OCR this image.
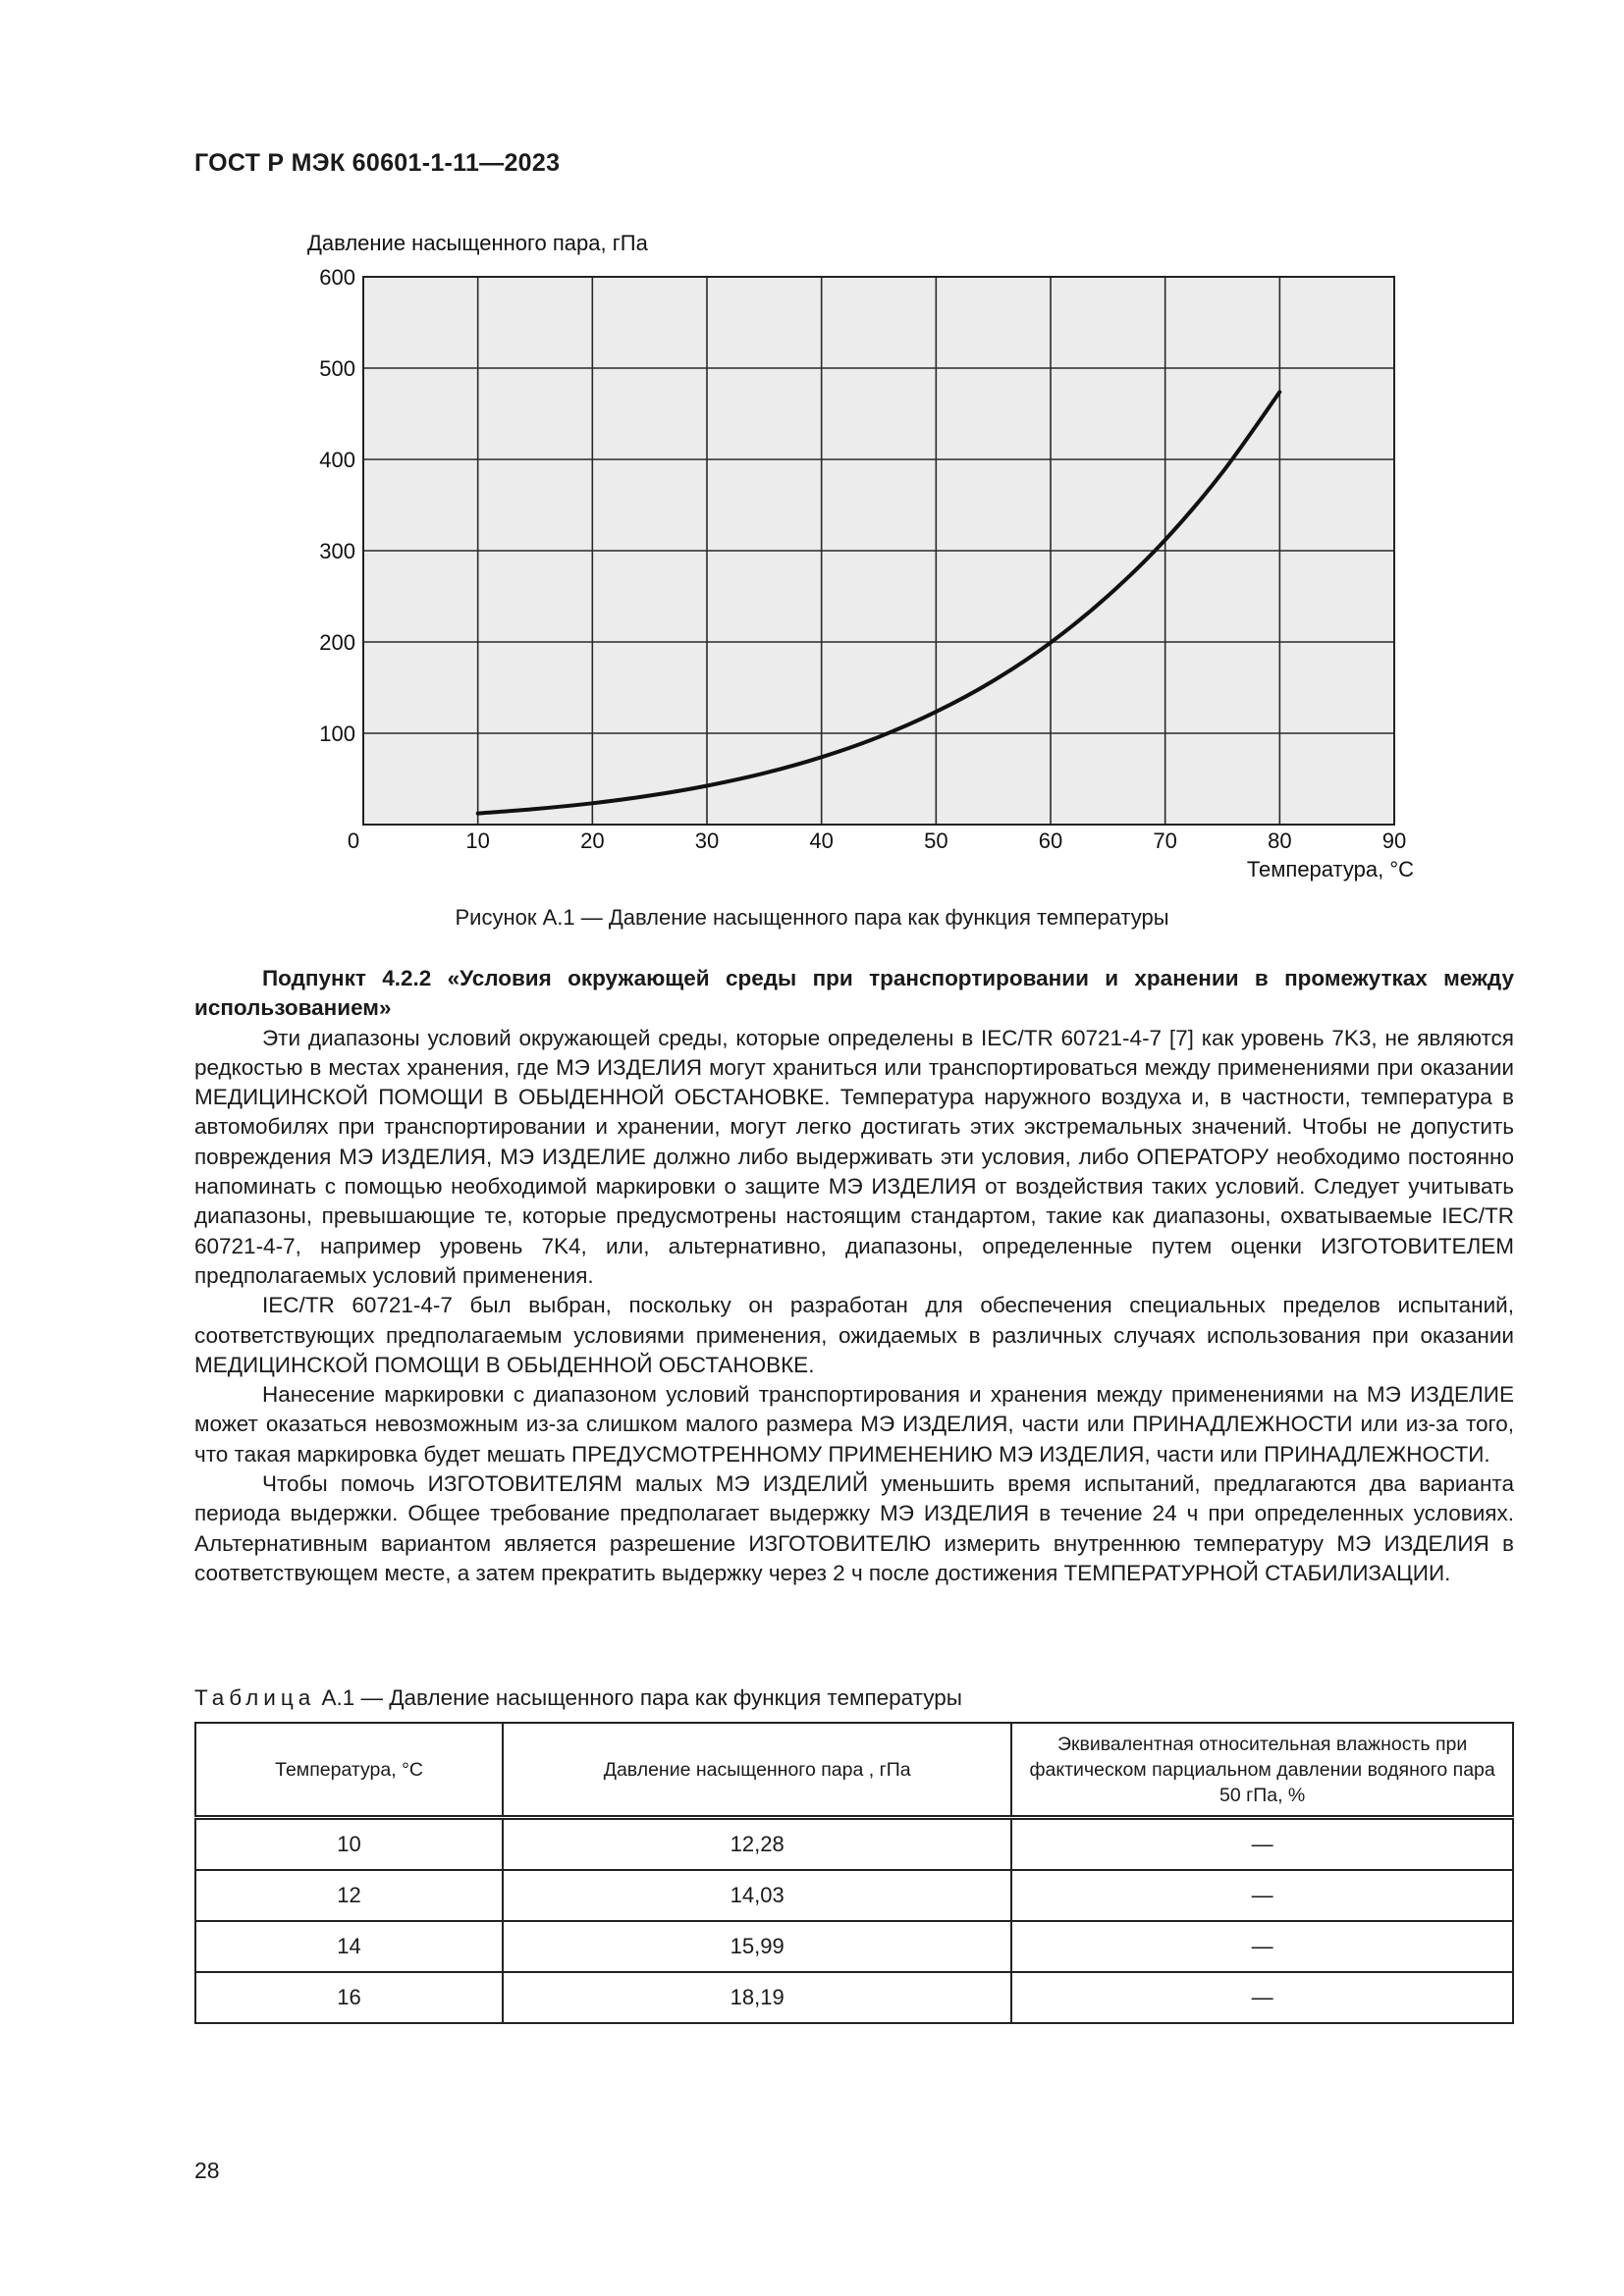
ГОСТ Р МЭК 60601-1-11—2023
Давление насыщенного пара, гПа
0	10	20	30	40	50	60	70	80	90
100
200
300
400
500
600
Температура, °С
Рисунок А.1 — Давление насыщенного пара как функция температуры

Подпункт 4.2.2 «Условия окружающей среды при транспортировании и хранении в промежутках между использованием»

Эти диапазоны условий окружающей среды, которые определены в IEC/TR 60721-4-7 [7] как уровень 7K3, не являются редкостью в местах хранения, где МЭ ИЗДЕЛИЯ могут храниться или транспортироваться между применениями при оказании МЕДИЦИНСКОЙ ПОМОЩИ В ОБЫДЕННОЙ ОБСТАНОВКЕ. Температура наружного воздуха и, в частности, температура в автомобилях при транспортировании и хранении, могут легко достигать этих экстремальных значений. Чтобы не допустить повреждения МЭ ИЗДЕЛИЯ, МЭ ИЗДЕЛИЕ должно либо выдерживать эти условия, либо ОПЕРАТОРУ необходимо постоянно напоминать с помощью необходимой маркировки о защите МЭ ИЗДЕЛИЯ от воздействия таких условий. Следует учитывать диапазоны, превышающие те, которые предусмотрены настоящим стандартом, такие как диапазоны, охватываемые IEC/TR 60721-4-7, например уровень 7K4, или, альтернативно, диапазоны, определенные путем оценки ИЗГОТОВИТЕЛЕМ предполагаемых условий применения.

IEC/TR 60721-4-7 был выбран, поскольку он разработан для обеспечения специальных пределов испытаний, соответствующих предполагаемым условиями применения, ожидаемых в различных случаях использования при оказании МЕДИЦИНСКОЙ ПОМОЩИ В ОБЫДЕННОЙ ОБСТАНОВКЕ.

Нанесение маркировки с диапазоном условий транспортирования и хранения между применениями на МЭ ИЗДЕЛИЕ может оказаться невозможным из-за слишком малого размера МЭ ИЗДЕЛИЯ, части или ПРИНАДЛЕЖНОСТИ или из-за того, что такая маркировка будет мешать ПРЕДУСМОТРЕННОМУ ПРИМЕНЕНИЮ МЭ ИЗДЕЛИЯ, части или ПРИНАДЛЕЖНОСТИ.

Чтобы помочь ИЗГОТОВИТЕЛЯМ малых МЭ ИЗДЕЛИЙ уменьшить время испытаний, предлагаются два варианта периода выдержки. Общее требование предполагает выдержку МЭ ИЗДЕЛИЯ в течение 24 ч при определенных условиях. Альтернативным вариантом является разрешение ИЗГОТОВИТЕЛЮ измерить внутреннюю температуру МЭ ИЗДЕЛИЯ в соответствующем месте, а затем прекратить выдержку через 2 ч после достижения ТЕМПЕРАТУРНОЙ СТАБИЛИЗАЦИИ.

Таблица А.1 — Давление насыщенного пара как функция температуры
Температура, °С	Давление насыщенного пара , гПа	Эквивалентная относительная влажность при фактическом парциальном давлении водяного пара 50 гПа, %
10	12,28	—
12	14,03	—
14	15,99	—
16	18,19	—
28
